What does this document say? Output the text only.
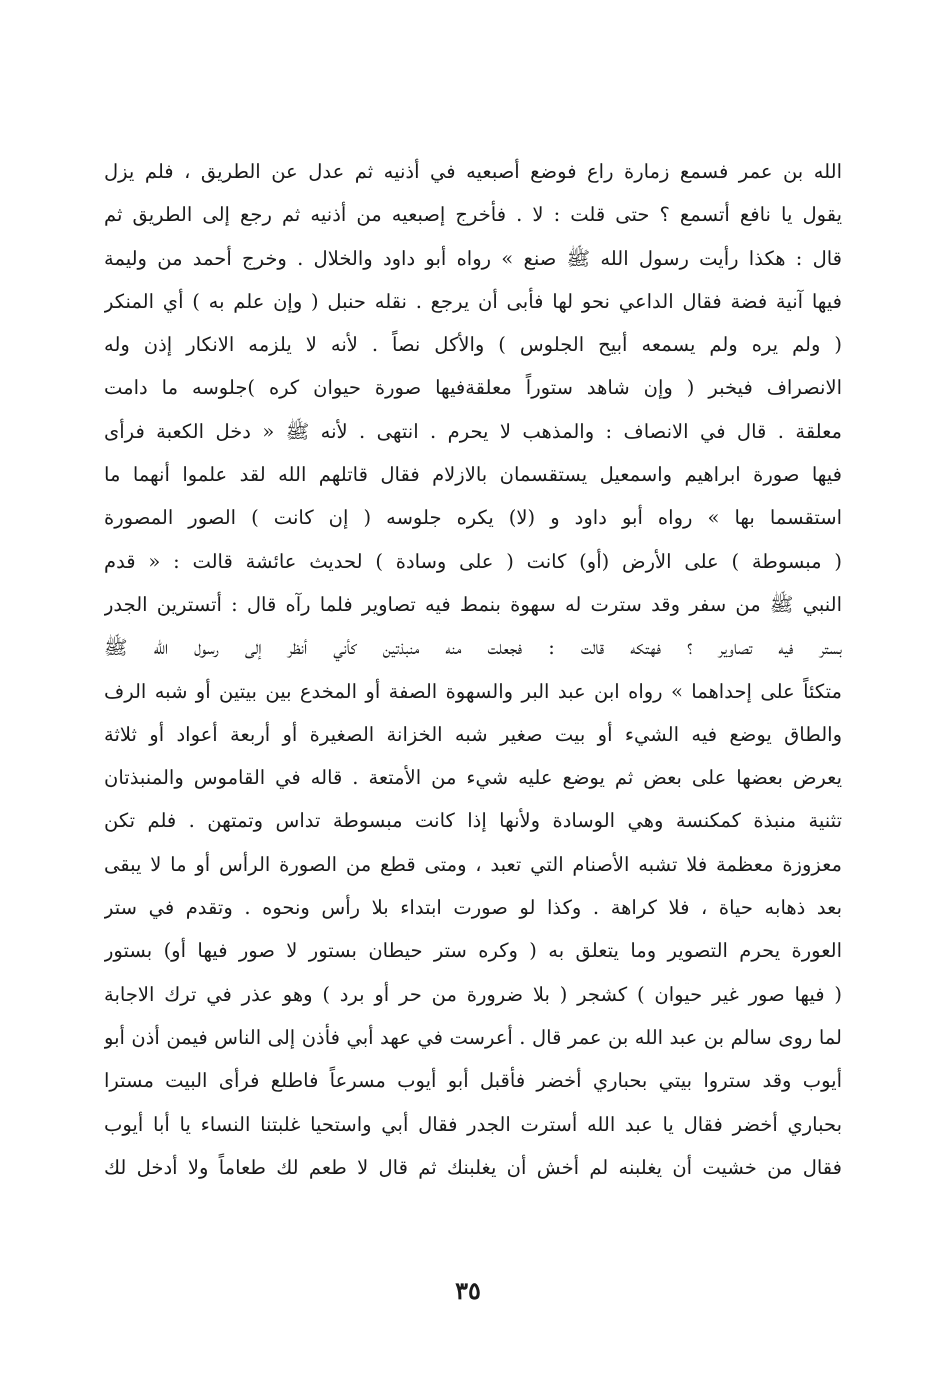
الله بن عمر فسمع زمارة راع فوضع أصبعيه في أذنيه ثم عدل عن الطريق ، فلم يزل
يقول يا نافع أتسمع ؟ حتى قلت : لا . فأخرج إصبعيه من أذنيه ثم رجع إلى الطريق ثم
قال : هكذا رأيت رسول الله ﷺ صنع » رواه أبو داود والخلال . وخرج أحمد من وليمة
فيها آنية فضة فقال الداعي نحو لها فأبى أن يرجع . نقله حنبل ( وإن علم به ) أي المنكر
( ولم يره ولم يسمعه أبيح الجلوس ) والأكل نصاً . لأنه لا يلزمه الانكار إذن وله
الانصراف فيخبر ( وإن شاهد ستوراً معلقةفيها صورة حيوان كره )جلوسه ما دامت
معلقة . قال في الانصاف : والمذهب لا يحرم . انتهى . لأنه ﷺ « دخل الكعبة فرأى
فيها صورة ابراهيم واسمعيل يستقسمان بالازلام فقال قاتلهم الله لقد علموا أنهما ما
استقسما بها » رواه أبو داود و (لا) يكره جلوسه ( إن كانت ) الصور المصورة
( مبسوطة ) على الأرض (أو) كانت ( على وسادة ) لحديث عائشة قالت : « قدم
النبي ﷺ من سفر وقد سترت له سهوة بنمط فيه تصاوير فلما رآه قال : أتسترين الجدر
بستر فيه تصاوير ؟ فهتكه قالت : فجعلت منه منبذتين كأني أنظر إلى رسول الله ﷺ
متكئاً على إحداهما » رواه ابن عبد البر والسهوة الصفة أو المخدع بين بيتين أو شبه الرف
والطاق يوضع فيه الشيء أو بيت صغير شبه الخزانة الصغيرة أو أربعة أعواد أو ثلاثة
يعرض بعضها على بعض ثم يوضع عليه شيء من الأمتعة . قاله في القاموس والمنبذتان
تثنية منبذة كمكنسة وهي الوسادة ولأنها إذا كانت مبسوطة تداس وتمتهن . فلم تكن
معزوزة معظمة فلا تشبه الأصنام التي تعبد ، ومتى قطع من الصورة الرأس أو ما لا يبقى
بعد ذهابه حياة ، فلا كراهة . وكذا لو صورت ابتداء بلا رأس ونحوه . وتقدم في ستر
العورة يحرم التصوير وما يتعلق به ( وكره ستر حيطان بستور لا صور فيها أو) بستور
( فيها صور غير حيوان ) كشجر ( بلا ضرورة من حر أو برد ) وهو عذر في ترك الاجابة
لما روى سالم بن عبد الله بن عمر قال . أعرست في عهد أبي فأذن إلى الناس فيمن أذن أبو
أيوب وقد ستروا بيتي بحباري أخضر فأقبل أبو أيوب مسرعاً فاطلع فرأى البيت مسترا
بحباري أخضر فقال يا عبد الله أسترت الجدر فقال أبي واستحيا غلبتنا النساء يا أبا أيوب
فقال من خشيت أن يغلبنه لم أخش أن يغلبنك ثم قال لا طعم لك طعاماً ولا أدخل لك
٣٥
